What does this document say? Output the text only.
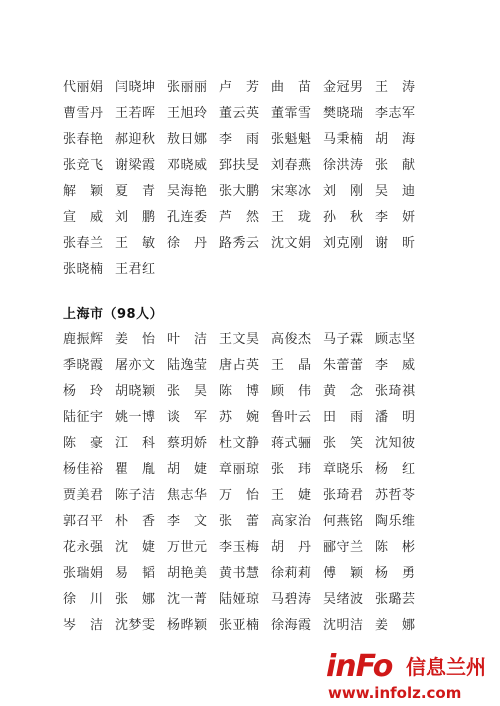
代丽娟 闫晓坤 张丽丽 卢　芳 曲　苗 金冠男 王　涛
曹雪丹 王若晖 王旭玲 董云英 董霏雪 樊晓瑞 李志军
张春艳 郝迎秋 敖日娜 李　雨 张魁魁 马秉楠 胡　海
张竞飞 谢梁霞 邓晓威 郅扶旻 刘春燕 徐洪涛 张　献
解　颖 夏　青 吴海艳 张大鹏 宋寒冰 刘　刚 吴　迪
宣　威 刘　鹏 孔连委 芦　然 王　珑 孙　秋 李　妍
张春兰 王　敏 徐　丹 路秀云 沈文娟 刘克刚 谢　昕
张晓楠 王君红
上海市（98人）
鹿振辉 姜　怡 叶　洁 王文昊 高俊杰 马子霖 顾志坚
季晓霞 屠亦文 陆逸莹 唐占英 王　晶 朱蕾蕾 李　威
杨　玲 胡晓颖 张　昊 陈　博 顾　伟 黄　念 张琦祺
陆征宇 姚一博 谈　军 苏　婉 鲁叶云 田　雨 潘　明
陈　豪 江　科 蔡玥娇 杜文静 蒋式骊 张　笑 沈知彼
杨佳裕 瞿　胤 胡　婕 章丽琼 张　玮 章晓乐 杨　红
贾美君 陈子洁 焦志华 万　怡 王　婕 张琦君 苏哲苓
郭召平 朴　香 李　文 张　蕾 高家治 何燕铭 陶乐维
花永强 沈　婕 万世元 李玉梅 胡　丹 郦守兰 陈　彬
张瑞娟 易　韬 胡艳美 黄书慧 徐莉莉 傅　颖 杨　勇
徐　川 张　娜 沈一菁 陆娅琼 马碧涛 吴绪波 张璐芸
岑　洁 沈梦雯 杨晔颖 张亚楠 徐海霞 沈明洁 姜　娜
inFo 信息兰州
www.infolz.com
